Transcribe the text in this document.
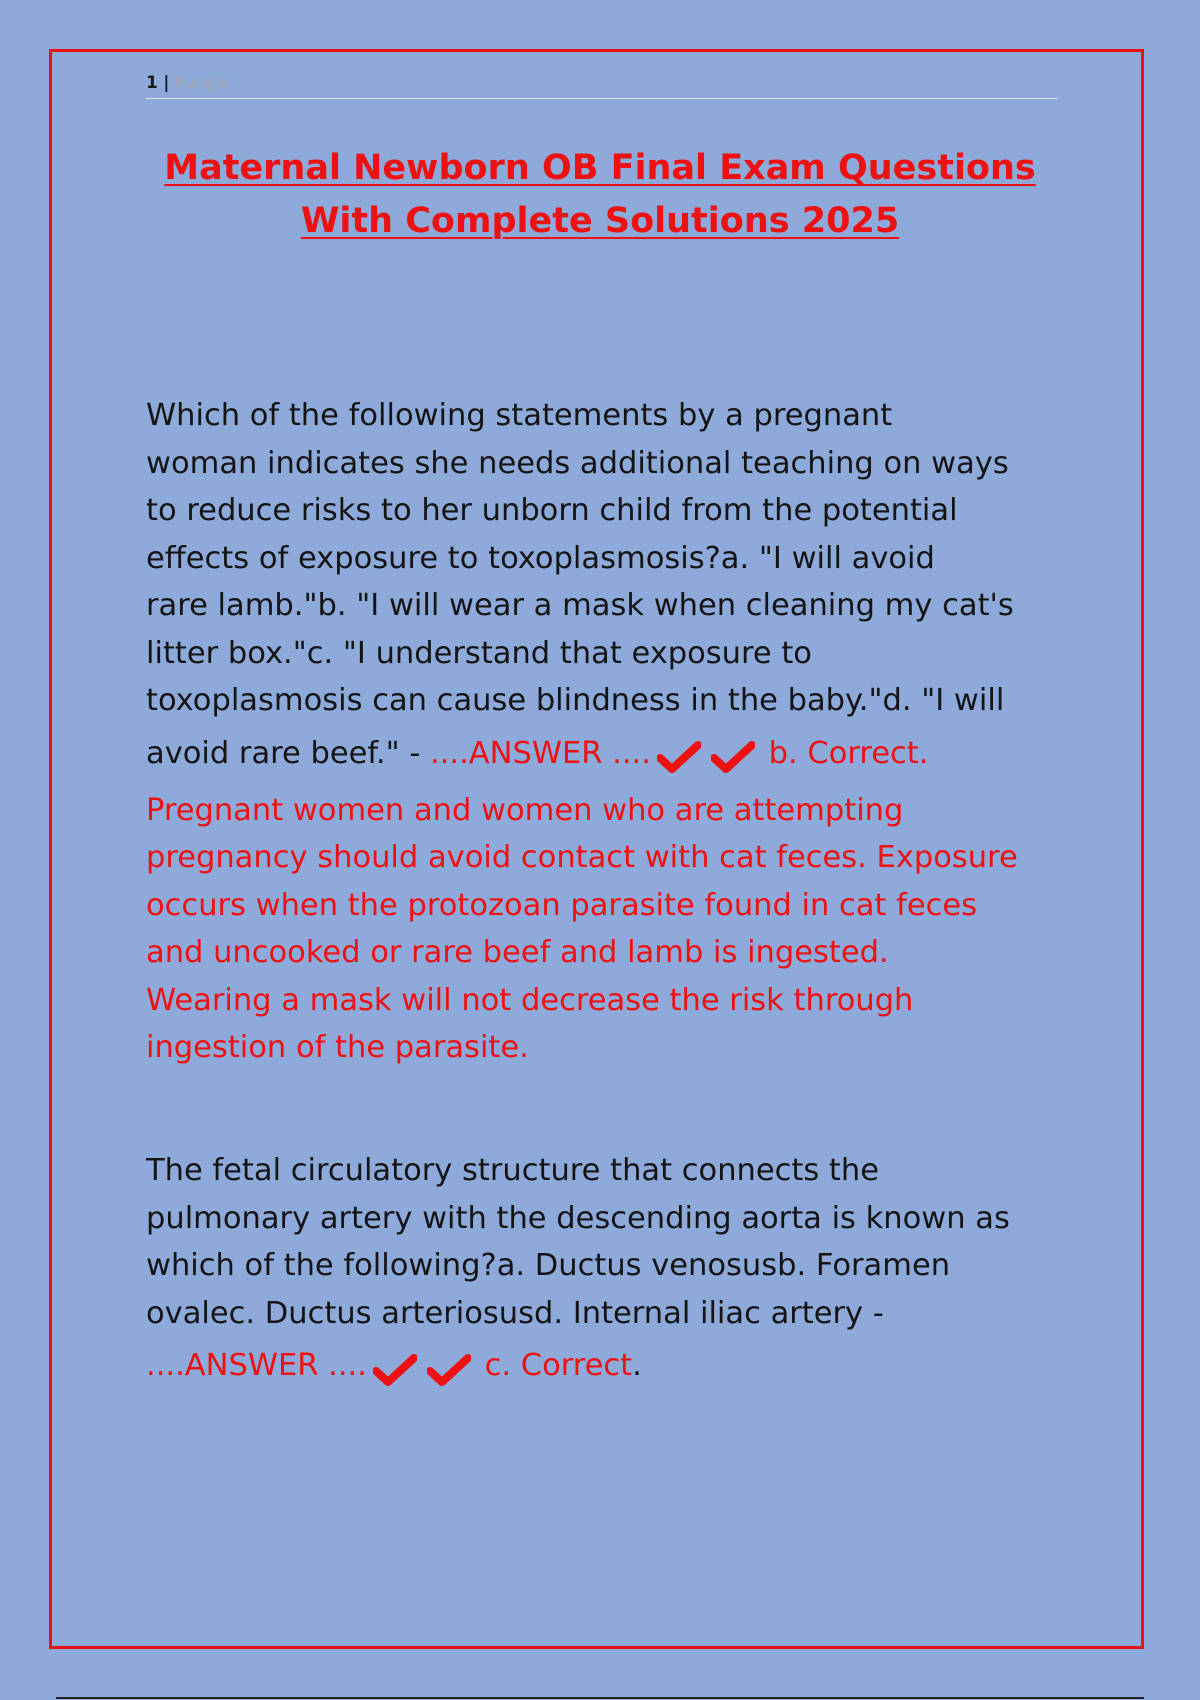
1 | Page
Maternal Newborn OB Final Exam Questions
With Complete Solutions 2025
Which of the following statements by a pregnant
woman indicates she needs additional teaching on ways
to reduce risks to her unborn child from the potential
effects of exposure to toxoplasmosis?a. "I will avoid
rare lamb."b. "I will wear a mask when cleaning my cat's
litter box."c. "I understand that exposure to
toxoplasmosis can cause blindness in the baby."d. "I will
avoid rare beef." - ....ANSWER ....	b. Correct.
Pregnant women and women who are attempting
pregnancy should avoid contact with cat feces. Exposure
occurs when the protozoan parasite found in cat feces
and uncooked or rare beef and lamb is ingested.
Wearing a mask will not decrease the risk through
ingestion of the parasite.
The fetal circulatory structure that connects the
pulmonary artery with the descending aorta is known as
which of the following?a. Ductus venosusb. Foramen
ovalec. Ductus arteriosusd. Internal iliac artery -
....ANSWER ....	c. Correct.
